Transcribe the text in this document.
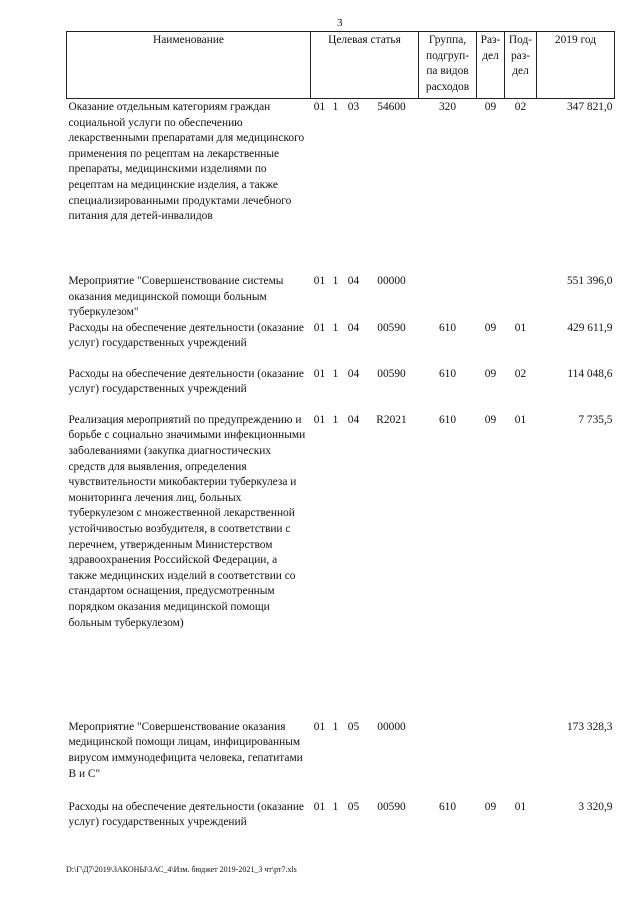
3
Наименование	Целевая статья				Группа, подгруп- па видов расходов	Раз- дел	Под- раз- дел	2019 год
Оказание отдельным категориям граждан социальной услуги по обеспечению лекарственными препаратами для медицинского применения по рецептам на лекарственные препараты, медицинскими изделиями по рецептам на медицинские изделия, а также специализированными продуктами лечебного питания для детей-инвалидов	01	1	03	54600	320	09	02	347 821,0
Мероприятие "Совершенствование системы оказания медицинской помощи больным туберкулезом"	01	1	04	00000				551 396,0
Расходы на обеспечение деятельности (оказание услуг) государственных учреждений	01	1	04	00590	610	09	01	429 611,9
Расходы на обеспечение деятельности (оказание услуг) государственных учреждений	01	1	04	00590	610	09	02	114 048,6
Реализация мероприятий по предупреждению и борьбе с социально значимыми инфекционными заболеваниями (закупка диагностических средств для выявления, определения чувствительности микобактерии туберкулеза и мониторинга лечения лиц, больных туберкулезом с множественной лекарственной устойчивостью возбудителя, в соответствии с перечнем, утвержденным Министерством здравоохранения Российской Федерации, а также медицинских изделий в соответствии со стандартом оснащения, предусмотренным порядком оказания медицинской помощи больным туберкулезом)	01	1	04	R2021	610	09	01	7 735,5
Мероприятие "Совершенствование оказания медицинской помощи лицам, инфицированным вирусом иммунодефицита человека, гепатитами В и С"	01	1	05	00000				173 328,3
Расходы на обеспечение деятельности (оказание услуг) государственных учреждений	01	1	05	00590	610	09	01	3 320,9
D:\Г\Д7\2019\ЗАКОНЫ\ЗАС_4\Изм. бюджет 2019-2021_3 чт\рт7.xls
